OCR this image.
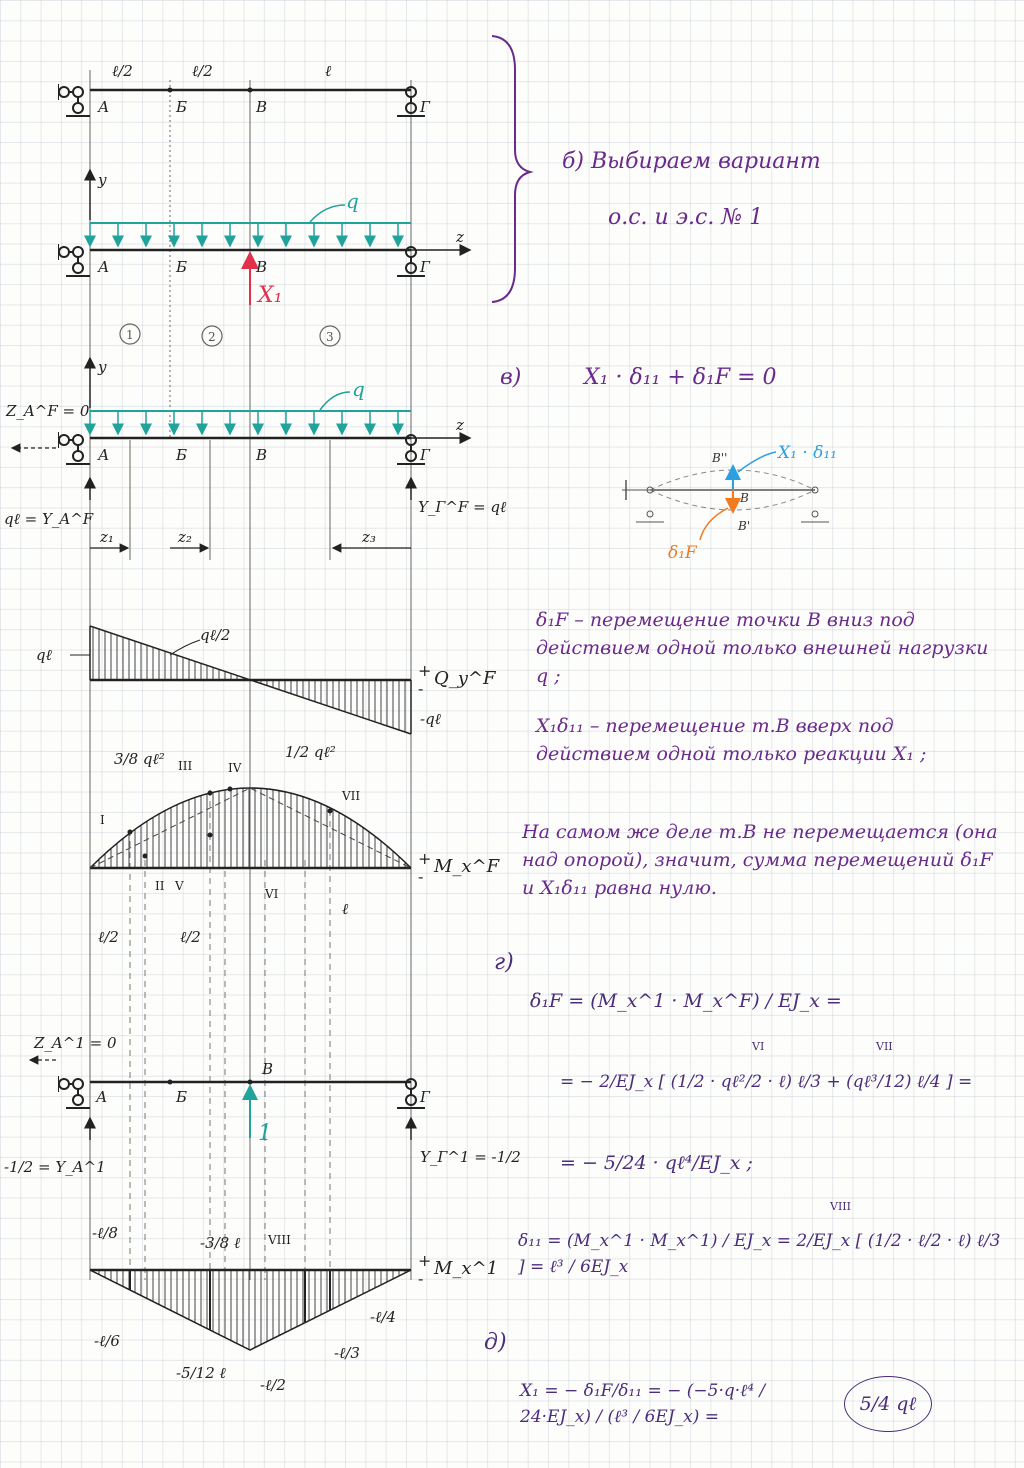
ℓ/2	ℓ/2	ℓ
А	Б	В	Г
y
z
q
X₁
А	Б	В	Г
1	2	3
y
z
q
Z_A^F = 0
qℓ = Y_A^F
Y_Г^F = qℓ
А	Б	В	Г
z₁	z₂	z₃
qℓ
qℓ/2
-qℓ
+
- Q_y^F
3/8 qℓ²	1/2 qℓ²
+
- M_x^F
I
II
III	IV
V
VI
VII
ℓ/2	ℓ/2
ℓ
Z_A^1 = 0
1
А	Б
В
Г
-1/2 = Y_A^1
Y_Г^1 = -1/2
-ℓ/8
-3/8 ℓ
-ℓ/6
-5/12 ℓ
-ℓ/2
-ℓ/3
-ℓ/4
VIII
+
- M_x^1
б) Выбираем вариант
о.с. и э.с. № 1
в)	X₁ · δ₁₁ + δ₁F = 0
X₁ · δ₁₁
δ₁F
В''
В
В'
δ₁F – перемещение точки В вниз под действием одной только внешней нагрузки q ;
X₁δ₁₁ – перемещение т.В вверх под действием одной только реакции X₁ ;
На самом же деле т.В не перемещается (она над опорой), значит, сумма перемещений δ₁F и X₁δ₁₁ равна нулю.
г)
δ₁F = (M_x^1 · M_x^F) / EJ_x =
VI	VII
= − 2/EJ_x [ (1/2 · qℓ²/2 · ℓ) ℓ/3 + (qℓ³/12) ℓ/4 ] =
= − 5/24 · qℓ⁴/EJ_x ;
VIII
δ₁₁ = (M_x^1 · M_x^1) / EJ_x = 2/EJ_x [ (1/2 · ℓ/2 · ℓ) ℓ/3 ] = ℓ³ / 6EJ_x
д)
X₁ = − δ₁F/δ₁₁ = − (−5·q·ℓ⁴ / 24·EJ_x) / (ℓ³ / 6EJ_x) =
5/4 qℓ
